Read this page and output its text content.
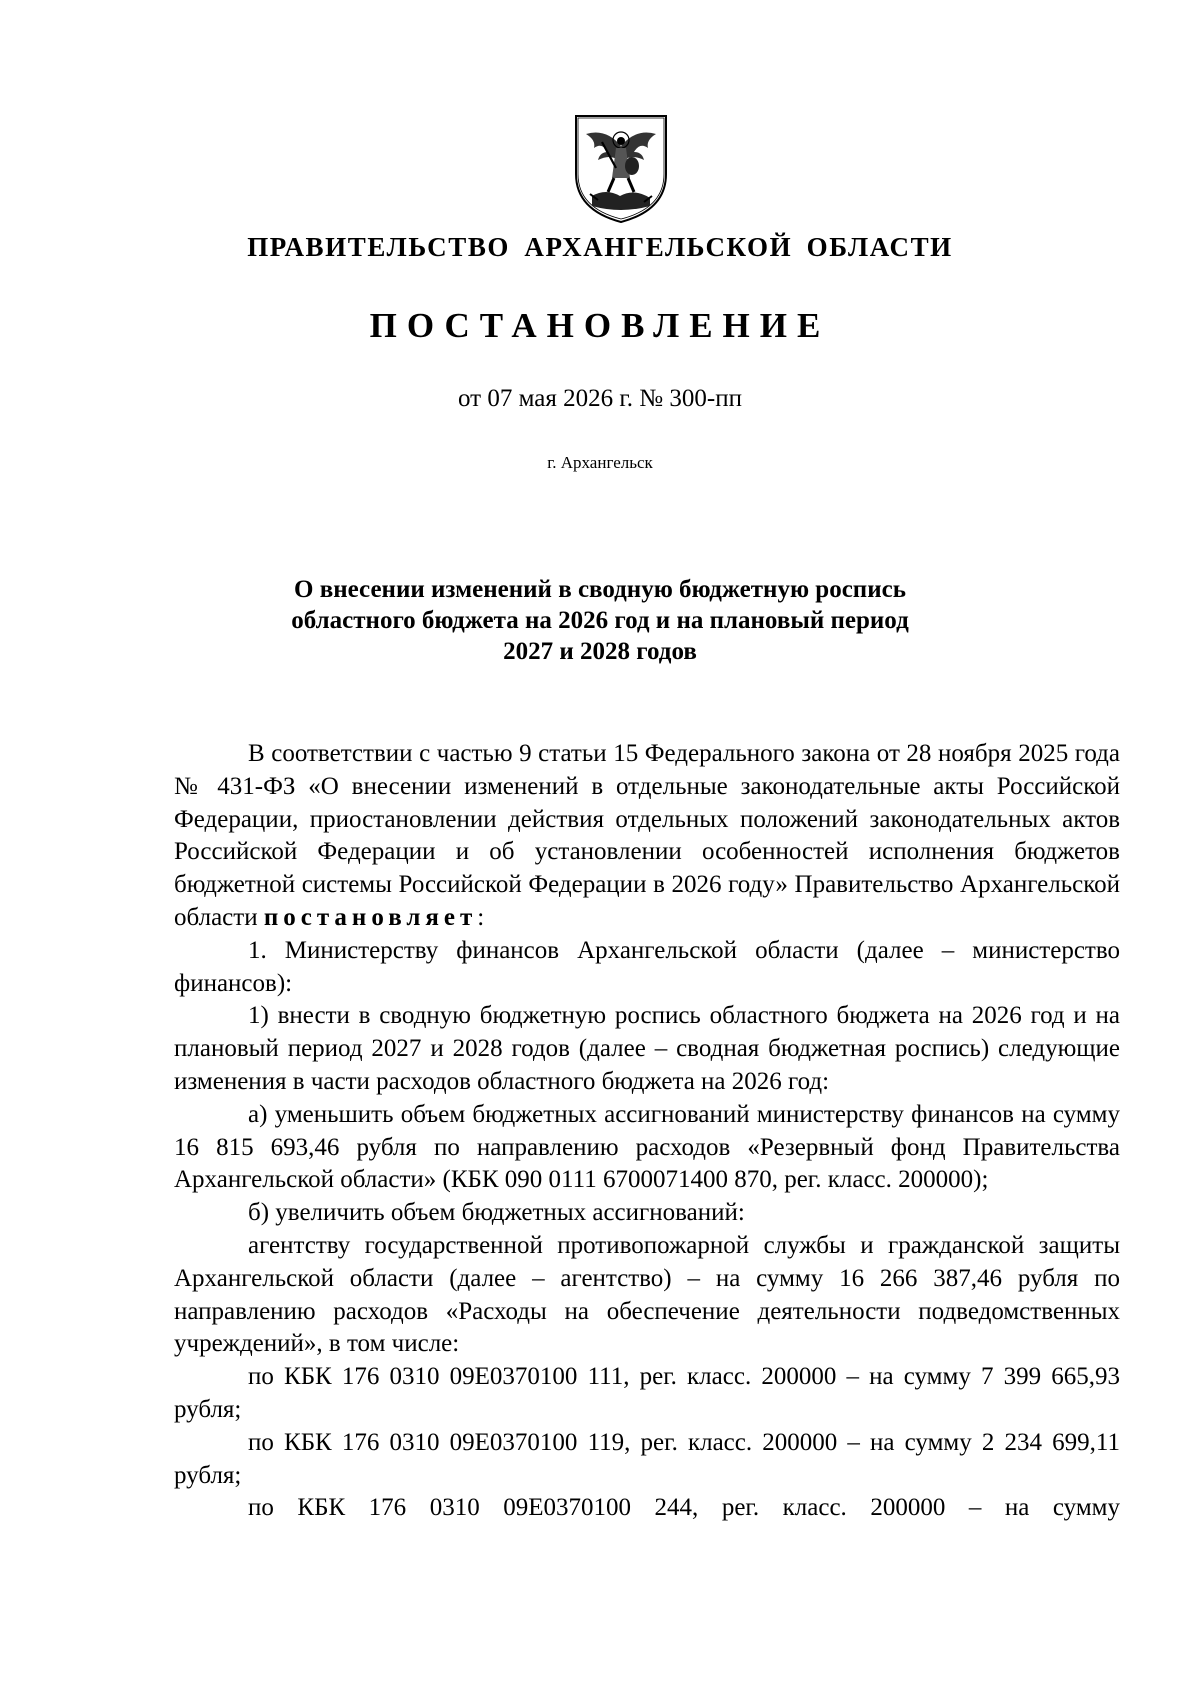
ПРАВИТЕЛЬСТВО АРХАНГЕЛЬСКОЙ ОБЛАСТИ
ПОСТАНОВЛЕНИЕ
от 07 мая 2026 г. № 300-пп
г. Архангельск
О внесении изменений в сводную бюджетную роспись
областного бюджета на 2026 год и на плановый период
2027 и 2028 годов

В соответствии с частью 9 статьи 15 Федерального закона от 28 ноября 2025 года № 431-ФЗ «О внесении изменений в отдельные законодательные акты Российской Федерации, приостановлении действия отдельных положений законодательных актов Российской Федерации и об установлении особенностей исполнения бюджетов бюджетной системы Российской Федерации в 2026 году» Правительство Архангельской области постановляет:

1. Министерству финансов Архангельской области (далее – министерство финансов):

1) внести в сводную бюджетную роспись областного бюджета на 2026 год и на плановый период 2027 и 2028 годов (далее – сводная бюджетная роспись) следующие изменения в части расходов областного бюджета на 2026 год:

а) уменьшить объем бюджетных ассигнований министерству финансов на сумму 16 815 693,46 рубля по направлению расходов «Резервный фонд Правительства Архангельской области» (КБК 090 0111 6700071400 870, рег. класс. 200000);

б) увеличить объем бюджетных ассигнований:

агентству государственной противопожарной службы и гражданской защиты Архангельской области (далее – агентство) – на сумму 16 266 387,46 рубля по направлению расходов «Расходы на обеспечение деятельности подведомственных учреждений», в том числе:

по КБК 176 0310 09Е0370100 111, рег. класс. 200000 – на сумму 7 399 665,93 рубля;

по КБК 176 0310 09Е0370100 119, рег. класс. 200000 – на сумму 2 234 699,11 рубля;

по КБК 176 0310 09Е0370100 244, рег. класс. 200000 – на сумму
